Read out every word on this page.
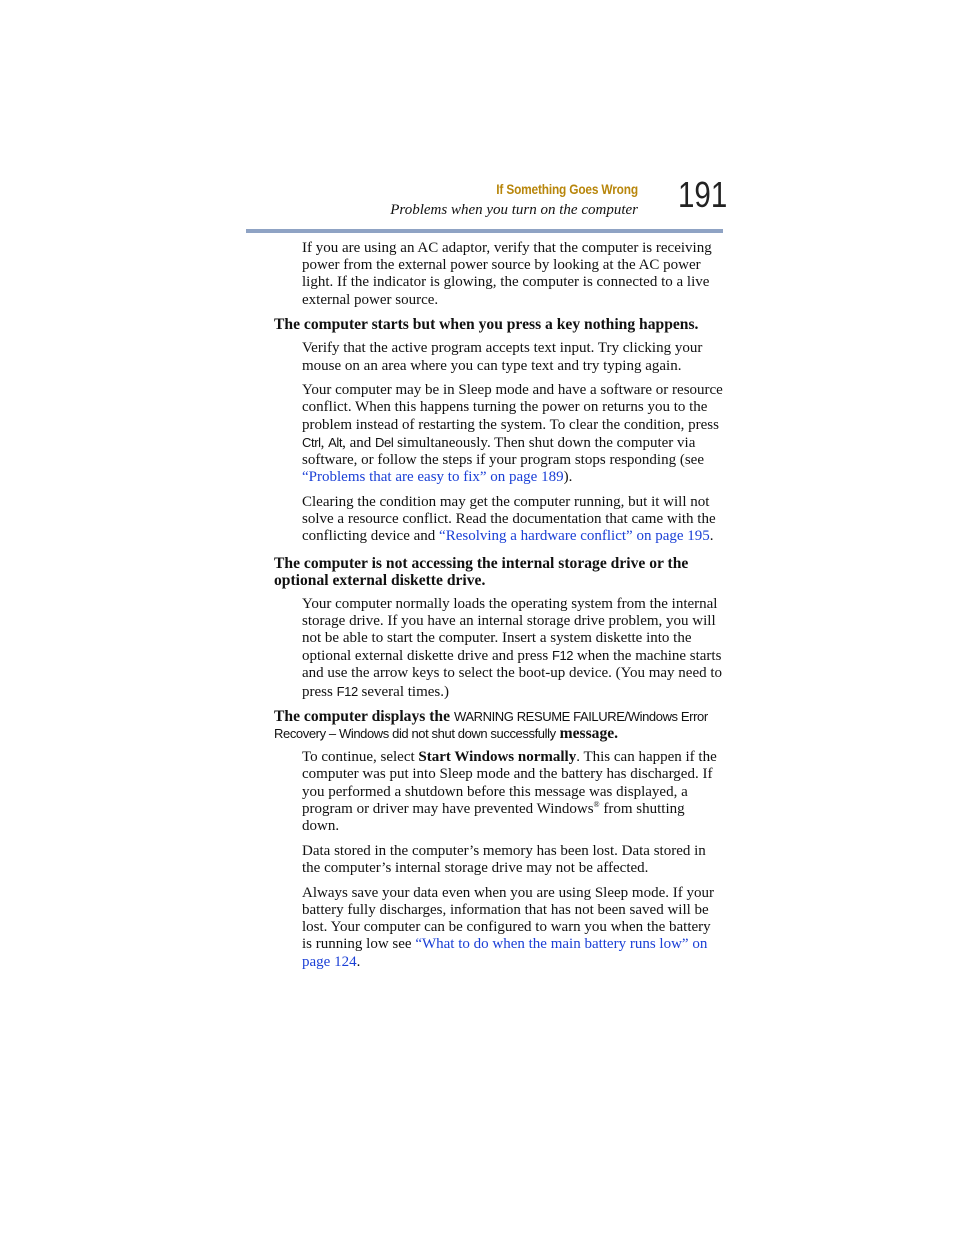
If Something Goes Wrong
Problems when you turn on the computer 191

If you are using an AC adaptor, verify that the computer is receiving power from the external power source by looking at the AC power light. If the indicator is glowing, the computer is connected to a live external power source.

The computer starts but when you press a key nothing happens.

Verify that the active program accepts text input. Try clicking your mouse on an area where you can type text and try typing again.

Your computer may be in Sleep mode and have a software or resource conflict. When this happens turning the power on returns you to the problem instead of restarting the system. To clear the condition, press Ctrl, Alt, and Del simultaneously. Then shut down the computer via software, or follow the steps if your program stops responding (see “Problems that are easy to fix” on page 189).

Clearing the condition may get the computer running, but it will not solve a resource conflict. Read the documentation that came with the conflicting device and “Resolving a hardware conflict” on page 195.

The computer is not accessing the internal storage drive or the optional external diskette drive.

Your computer normally loads the operating system from the internal storage drive. If you have an internal storage drive problem, you will not be able to start the computer. Insert a system diskette into the optional external diskette drive and press F12 when the machine starts and use the arrow keys to select the boot-up device. (You may need to press F12 several times.)

The computer displays the WARNING RESUME FAILURE/Windows Error Recovery – Windows did not shut down successfully message.

To continue, select Start Windows normally. This can happen if the computer was put into Sleep mode and the battery has discharged. If you performed a shutdown before this message was displayed, a program or driver may have prevented Windows® from shutting down.

Data stored in the computer’s memory has been lost. Data stored in the computer’s internal storage drive may not be affected.

Always save your data even when you are using Sleep mode. If your battery fully discharges, information that has not been saved will be lost. Your computer can be configured to warn you when the battery is running low see “What to do when the main battery runs low” on page 124.
